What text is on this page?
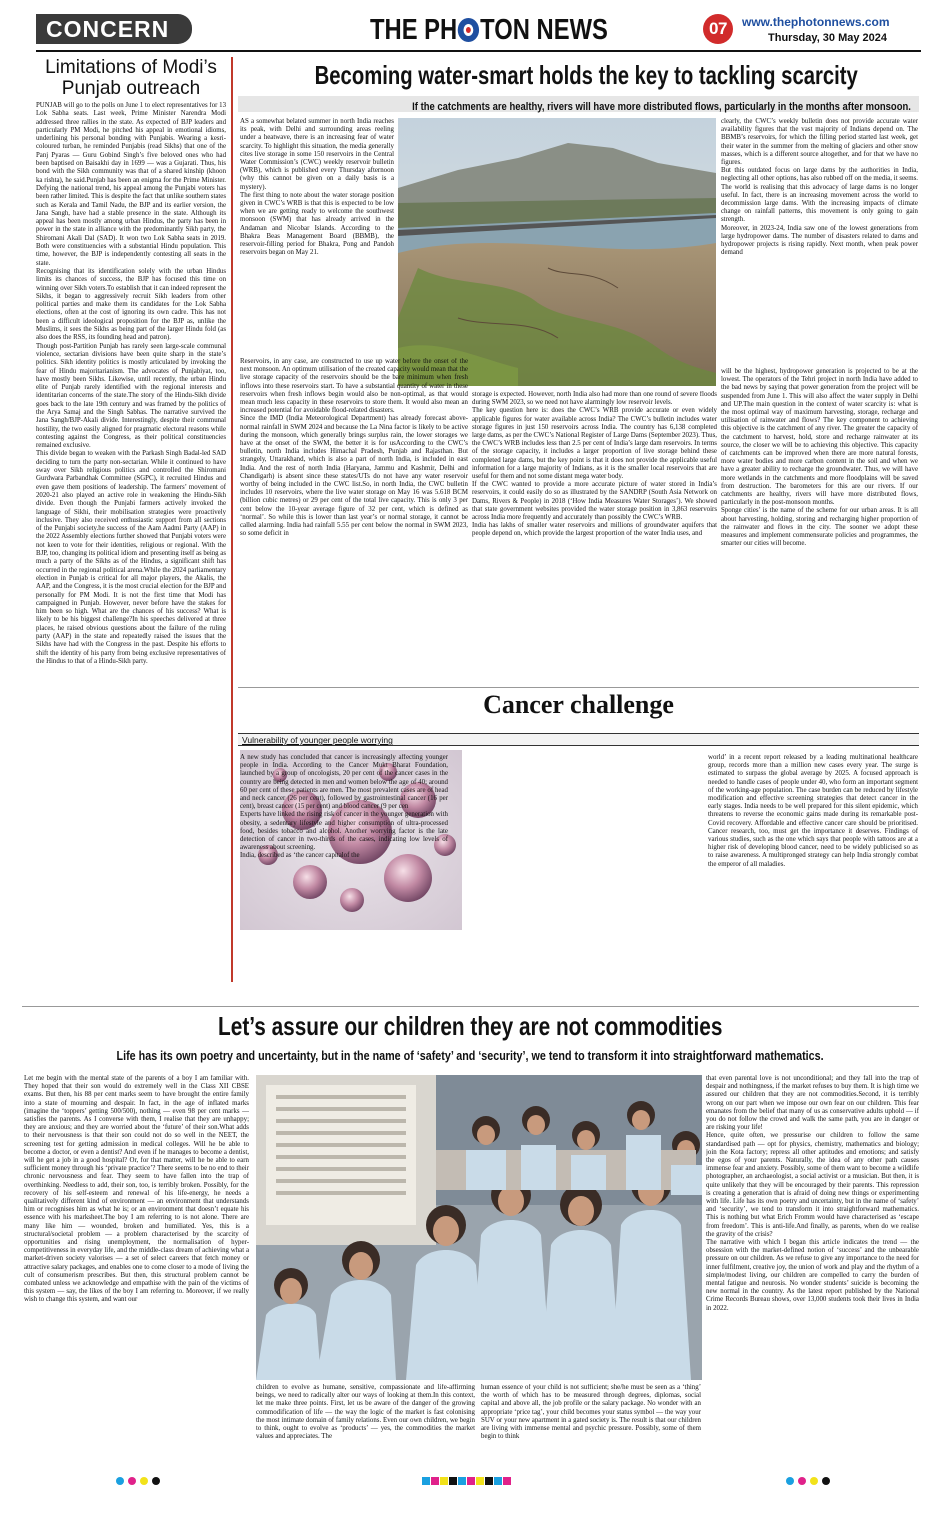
CONCERN	THE PH TON NEWS	07	www.thephotonnews.com
Thursday, 30 May 2024
Limitations of Modi’s
Punjab outreach

PUNJAB will go to the polls on June 1 to elect representatives for 13 Lok Sabha seats. Last week, Prime Minister Narendra Modi addressed three rallies in the state. As expected of BJP leaders and particularly PM Modi, he pitched his appeal in emotional idioms, underlining his personal bonding with Punjabis. Wearing a kesri-coloured turban, he reminded Punjabis (read Sikhs) that one of the Panj Pyaras — Guru Gobind Singh’s five beloved ones who had been baptised on Baisakhi day in 1699 — was a Gujarati. Thus, his bond with the Sikh community was that of a shared kinship (khoon ka rishta), he said.Punjab has been an enigma for the Prime Minister. Defying the national trend, his appeal among the Punjabi voters has been rather limited. This is despite the fact that unlike southern states such as Kerala and Tamil Nadu, the BJP and its earlier version, the Jana Sangh, have had a stable presence in the state. Although its appeal has been mostly among urban Hindus, the party has been in power in the state in alliance with the predominantly Sikh party, the Shiromani Akali Dal (SAD). It won two Lok Sabha seats in 2019. Both were constituencies with a substantial Hindu population. This time, however, the BJP is independently contesting all seats in the state.

Recognising that its identification solely with the urban Hindus limits its chances of success, the BJP has focused this time on winning over Sikh voters.To establish that it can indeed represent the Sikhs, it began to aggressively recruit Sikh leaders from other political parties and make them its candidates for the Lok Sabha elections, often at the cost of ignoring its own cadre. This has not been a difficult ideological proposition for the BJP as, unlike the Muslims, it sees the Sikhs as being part of the larger Hindu fold (as also does the RSS, its founding head and patron).

Though post-Partition Punjab has rarely seen large-scale communal violence, sectarian divisions have been quite sharp in the state’s politics. Sikh identity politics is mostly articulated by invoking the fear of Hindu majoritarianism. The advocates of Punjabiyat, too, have mostly been Sikhs. Likewise, until recently, the urban Hindu elite of Punjab rarely identified with the regional interests and identitarian concerns of the state.The story of the Hindu-Sikh divide goes back to the late 19th century and was framed by the politics of the Arya Samaj and the Singh Sabhas. The narrative survived the Jana Sangh/BJP-Akali divide. Interestingly, despite their communal hostility, the two easily aligned for pragmatic electoral reasons while contesting against the Congress, as their political constituencies remained exclusive.

This divide began to weaken with the Parkash Singh Badal-led SAD deciding to turn the party non-sectarian. While it continued to have sway over Sikh religious politics and controlled the Shiromani Gurdwara Parbandhak Committee (SGPC), it recruited Hindus and even gave them positions of leadership. The farmers’ movement of 2020-21 also played an active role in weakening the Hindu-Sikh divide. Even though the Punjabi farmers actively invoked the language of Sikhi, their mobilisation strategies were proactively inclusive. They also received enthusiastic support from all sections of the Punjabi society.he success of the Aam Aadmi Party (AAP) in the 2022 Assembly elections further showed that Punjabi voters were not keen to vote for their identities, religious or regional. With the BJP, too, changing its political idiom and presenting itself as being as much a party of the Sikhs as of the Hindus, a significant shift has occurred in the regional political arena.While the 2024 parliamentary election in Punjab is critical for all major players, the Akalis, the AAP, and the Congress, it is the most crucial election for the BJP and personally for PM Modi. It is not the first time that Modi has campaigned in Punjab. However, never before have the stakes for him been so high. What are the chances of his success? What is likely to be his biggest challenge?In his speeches delivered at three places, he raised obvious questions about the failure of the ruling party (AAP) in the state and repeatedly raised the issues that the Sikhs have had with the Congress in the past. Despite his efforts to shift the identity of his party from being exclusive representatives of the Hindus to that of a Hindu-Sikh party.

Becoming water-smart holds the key to tackling scarcity
If the catchments are healthy, rivers will have more distributed flows, particularly in the months after monsoon.

AS a somewhat belated summer in north India reaches its peak, with Delhi and surrounding areas reeling under a heatwave, there is an increasing fear of water scarcity. To highlight this situation, the media generally cites live storage in some 150 reservoirs in the Central Water Commission’s (CWC) weekly reservoir bulletin (WRB), which is published every Thursday afternoon (why this cannot be given on a daily basis is a mystery).

The first thing to note about the water storage position given in CWC’s WRB is that this is expected to be low when we are getting ready to welcome the southwest monsoon (SWM) that has already arrived in the Andaman and Nicobar Islands. According to the Bhakra Beas Management Board (BBMB), the reservoir-filling period for Bhakra, Pong and Pandoh reservoirs began on May 21.

Reservoirs, in any case, are constructed to use up water before the onset of the next monsoon. An optimum utilisation of the created capacity would mean that the live storage capacity of the reservoirs should be the bare minimum when fresh inflows into these reservoirs start. To have a substantial quantity of water in these reservoirs when fresh inflows begin would also be non-optimal, as that would mean much less capacity in these reservoirs to store them. It would also mean an increased potential for avoidable flood-related disasters.

Since the IMD (India Meteorological Department) has already forecast above-normal rainfall in SWM 2024 and because the La Nina factor is likely to be active during the monsoon, which generally brings surplus rain, the lower storages we have at the onset of the SWM, the better it is for usAccording to the CWC’s bulletin, north India includes Himachal Pradesh, Punjab and Rajasthan. But strangely, Uttarakhand, which is also a part of north India, is included in east India. And the rest of north India (Haryana, Jammu and Kashmir, Delhi and Chandigarh) is absent since these states/UTs do not have any water reservoir worthy of being included in the CWC list.So, in north India, the CWC bulletin includes 10 reservoirs, where the live water storage on May 16 was 5.618 BCM (billion cubic metres) or 29 per cent of the total live capacity. This is only 3 per cent below the 10-year average figure of 32 per cent, which is defined as ‘normal’. So while this is lower than last year’s or normal storage, it cannot be called alarming. India had rainfall 5.55 per cent below the normal in SWM 2023, so some deficit in

storage is expected. However, north India also had more than one round of severe floods during SWM 2023, so we need not have alarmingly low reservoir levels.

The key question here is: does the CWC’s WRB provide accurate or even widely applicable figures for water available across India? The CWC’s bulletin includes water storage figures in just 150 reservoirs across India. The country has 6,138 completed large dams, as per the CWC’s National Register of Large Dams (September 2023). Thus, the CWC’s WRB includes less than 2.5 per cent of India’s large dam reservoirs. In terms of the storage capacity, it includes a larger proportion of live storage behind these completed large dams, but the key point is that it does not provide the applicable useful information for a large majority of Indians, as it is the smaller local reservoirs that are useful for them and not some distant mega water body.

If the CWC wanted to provide a more accurate picture of water stored in India’s reservoirs, it could easily do so as illustrated by the SANDRP (South Asia Network on Dams, Rivers & People) in 2018 (‘How India Measures Water Storages’). We showed that state government websites provided the water storage position in 3,863 reservoirs across India more frequently and accurately than possibly the CWC’s WRB.

India has lakhs of smaller water reservoirs and millions of groundwater aquifers that people depend on, which provide the largest proportion of the water India uses, and

clearly, the CWC’s weekly bulletin does not provide accurate water availability figures that the vast majority of Indians depend on. The BBMB’s reservoirs, for which the filling period started last week, get their water in the summer from the melting of glaciers and other snow masses, which is a different source altogether, and for that we have no figures.

But this outdated focus on large dams by the authorities in India, neglecting all other options, has also rubbed off on the media, it seems. The world is realising that this advocacy of large dams is no longer useful. In fact, there is an increasing movement across the world to decommission large dams. With the increasing impacts of climate change on rainfall patterns, this movement is only going to gain strength.

Moreover, in 2023-24, India saw one of the lowest generations from large hydropower dams. The number of disasters related to dams and hydropower projects is rising rapidly. Next month, when peak power demand

will be the highest, hydropower generation is projected to be at the lowest. The operators of the Tehri project in north India have added to the bad news by saying that power generation from the project will be suspended from June 1. This will also affect the water supply in Delhi and UP.The main question in the context of water scarcity is: what is the most optimal way of maximum harvesting, storage, recharge and utilisation of rainwater and flows? The key component to achieving this objective is the catchment of any river. The greater the capacity of the catchment to harvest, hold, store and recharge rainwater at its source, the closer we will be to achieving this objective. This capacity of catchments can be improved when there are more natural forests, more water bodies and more carbon content in the soil and when we have a greater ability to recharge the groundwater. Thus, we will have more wetlands in the catchments and more floodplains will be saved from destruction. The barometers for this are our rivers. If our catchments are healthy, rivers will have more distributed flows, particularly in the post-monsoon months.

Sponge cities’ is the name of the scheme for our urban areas. It is all about harvesting, holding, storing and recharging higher proportion of the rainwater and flows in the city. The sooner we adopt these measures and implement commensurate policies and programmes, the smarter our cities will become.

Cancer challenge
Vulnerability of younger people worrying

A new study has concluded that cancer is increasingly affecting younger people in India. According to the Cancer Mukt Bharat Foundation, launched by a group of oncologists, 20 per cent of the cancer cases in the country are being detected in men and women below the age of 40; around 60 per cent of these patients are men. The most prevalent cases are of head and neck cancer (26 per cent), followed by gastrointestinal cancer (16 per cent), breast cancer (15 per cent) and blood cancer (9 per cen

Experts have linked the rising risk of cancer in the younger generation with obesity, a sedentary lifestyle and higher consumption of ultra-processed food, besides tobacco and alcohol. Another worrying factor is the late detection of cancer in two-thirds of the cases, indicating low levels of awareness about screening.

India, described as ‘the cancer capitalof the

world’ in a recent report released by a leading multinational healthcare group, records more than a million new cases every year. The surge is estimated to surpass the global average by 2025. A focused approach is needed to handle cases of people under 40, who form an important segment of the working-age population. The case burden can be reduced by lifestyle modification and effective screening strategies that detect cancer in the early stages. India needs to be well prepared for this silent epidemic, which threatens to reverse the economic gains made during its remarkable post-Covid recovery. Affordable and effective cancer care should be prioritised. Cancer research, too, must get the importance it deserves. Findings of various studies, such as the one which says that people with tattoos are at a higher risk of developing blood cancer, need to be widely publicised so as to raise awareness. A multipronged strategy can help India strongly combat the emperor of all maladies.

Let’s assure our children they are not commodities
Life has its own poetry and uncertainty, but in the name of ‘safety’ and ‘security’, we tend to transform it into straightforward mathematics.

Let me begin with the mental state of the parents of a boy I am familiar with. They hoped that their son would do extremely well in the Class XII CBSE exams. But then, his 88 per cent marks seem to have brought the entire family into a state of mourning and despair. In fact, in the age of inflated marks (imagine the ‘toppers’ getting 500/500), nothing — even 98 per cent marks — satisfies the parents. As I converse with them, I realise that they are unhappy; they are anxious; and they are worried about the ‘future’ of their son.What adds to their nervousness is that their son could not do so well in the NEET, the screening test for getting admission in medical colleges. Will he be able to become a doctor, or even a dentist? And even if he manages to become a dentist, will he get a job in a good hospital? Or, for that matter, will he be able to earn sufficient money through his ‘private practice’? There seems to be no end to their chronic nervousness and fear. They seem to have fallen into the trap of overthinking. Needless to add, their son, too, is terribly broken. Possibly, for the recovery of his self-esteem and renewal of his life-energy, he needs a qualitatively different kind of environment — an environment that understands him or recognises him as what he is; or an environment that doesn’t equate his essence with his marksheet.The boy I am referring to is not alone. There are many like him — wounded, broken and humiliated. Yes, this is a structural/societal problem — a problem characterised by the scarcity of opportunities and rising unemployment, the normalisation of hyper-competitiveness in everyday life, and the middle-class dream of achieving what a market-driven society valorises — a set of select careers that fetch money or attractive salary packages, and enables one to come closer to a mode of living the cult of consumerism prescribes. But then, this structural problem cannot be combated unless we acknowledge and empathise with the pain of the victims of this system — say, the likes of the boy I am referring to. Moreover, if we really wish to change this system, and want our

children to evolve as humane, sensitive, compassionate and life-affirming beings, we need to radically alter our ways of looking at them.In this context, let me make three points. First, let us be aware of the danger of the growing commodification of life — the way the logic of the market is fast colonising the most intimate domain of family relations. Even our own children, we begin to think, ought to evolve as ‘products’ — yes, the commodities the market values and appreciates. The

human essence of your child is not sufficient; she/he must be seen as a ‘thing’ the worth of which has to be measured through degrees, diplomas, social capital and above all, the job profile or the salary package. No wonder with an appropriate ‘price tag’, your child becomes your status symbol — the way your SUV or your new apartment in a gated society is. The result is that our children are living with immense mental and psychic pressure. Possibly, some of them begin to think

that even parental love is not unconditional; and they fall into the trap of despair and nothingness, if the market refuses to buy them. It is high time we assured our children that they are not commodities.Second, it is terribly wrong on our part when we impose our own fear on our children. This fear emanates from the belief that many of us as conservative adults uphold — if you do not follow the crowd and walk the same path, you are in danger or are risking your life!

Hence, quite often, we pressurise our children to follow the same standardised path — opt for physics, chemistry, mathematics and biology; join the Kota factory; repress all other aptitudes and emotions; and satisfy the egos of your parents. Naturally, the idea of any other path causes immense fear and anxiety. Possibly, some of them want to become a wildlife photographer, an archaeologist, a social activist or a musician. But then, it is quite unlikely that they will be encouraged by their parents. This repression is creating a generation that is afraid of doing new things or experimenting with life. Life has its own poetry and uncertainty, but in the name of ‘safety’ and ‘security’, we tend to transform it into straightforward mathematics. This is nothing but what Erich Fromm would have characterised as ‘escape from freedom’. This is anti-life.And finally, as parents, when do we realise the gravity of the crisis?

The narrative with which I began this article indicates the trend — the obsession with the market-defined notion of ‘success’ and the unbearable pressure on our children. As we refuse to give any importance to the need for inner fulfilment, creative joy, the union of work and play and the rhythm of a simple/modest living, our children are compelled to carry the burden of mental fatigue and neurosis. No wonder students’ suicide is becoming the new normal in the country. As the latest report published by the National Crime Records Bureau shows, over 13,000 students took their lives in India in 2022.
